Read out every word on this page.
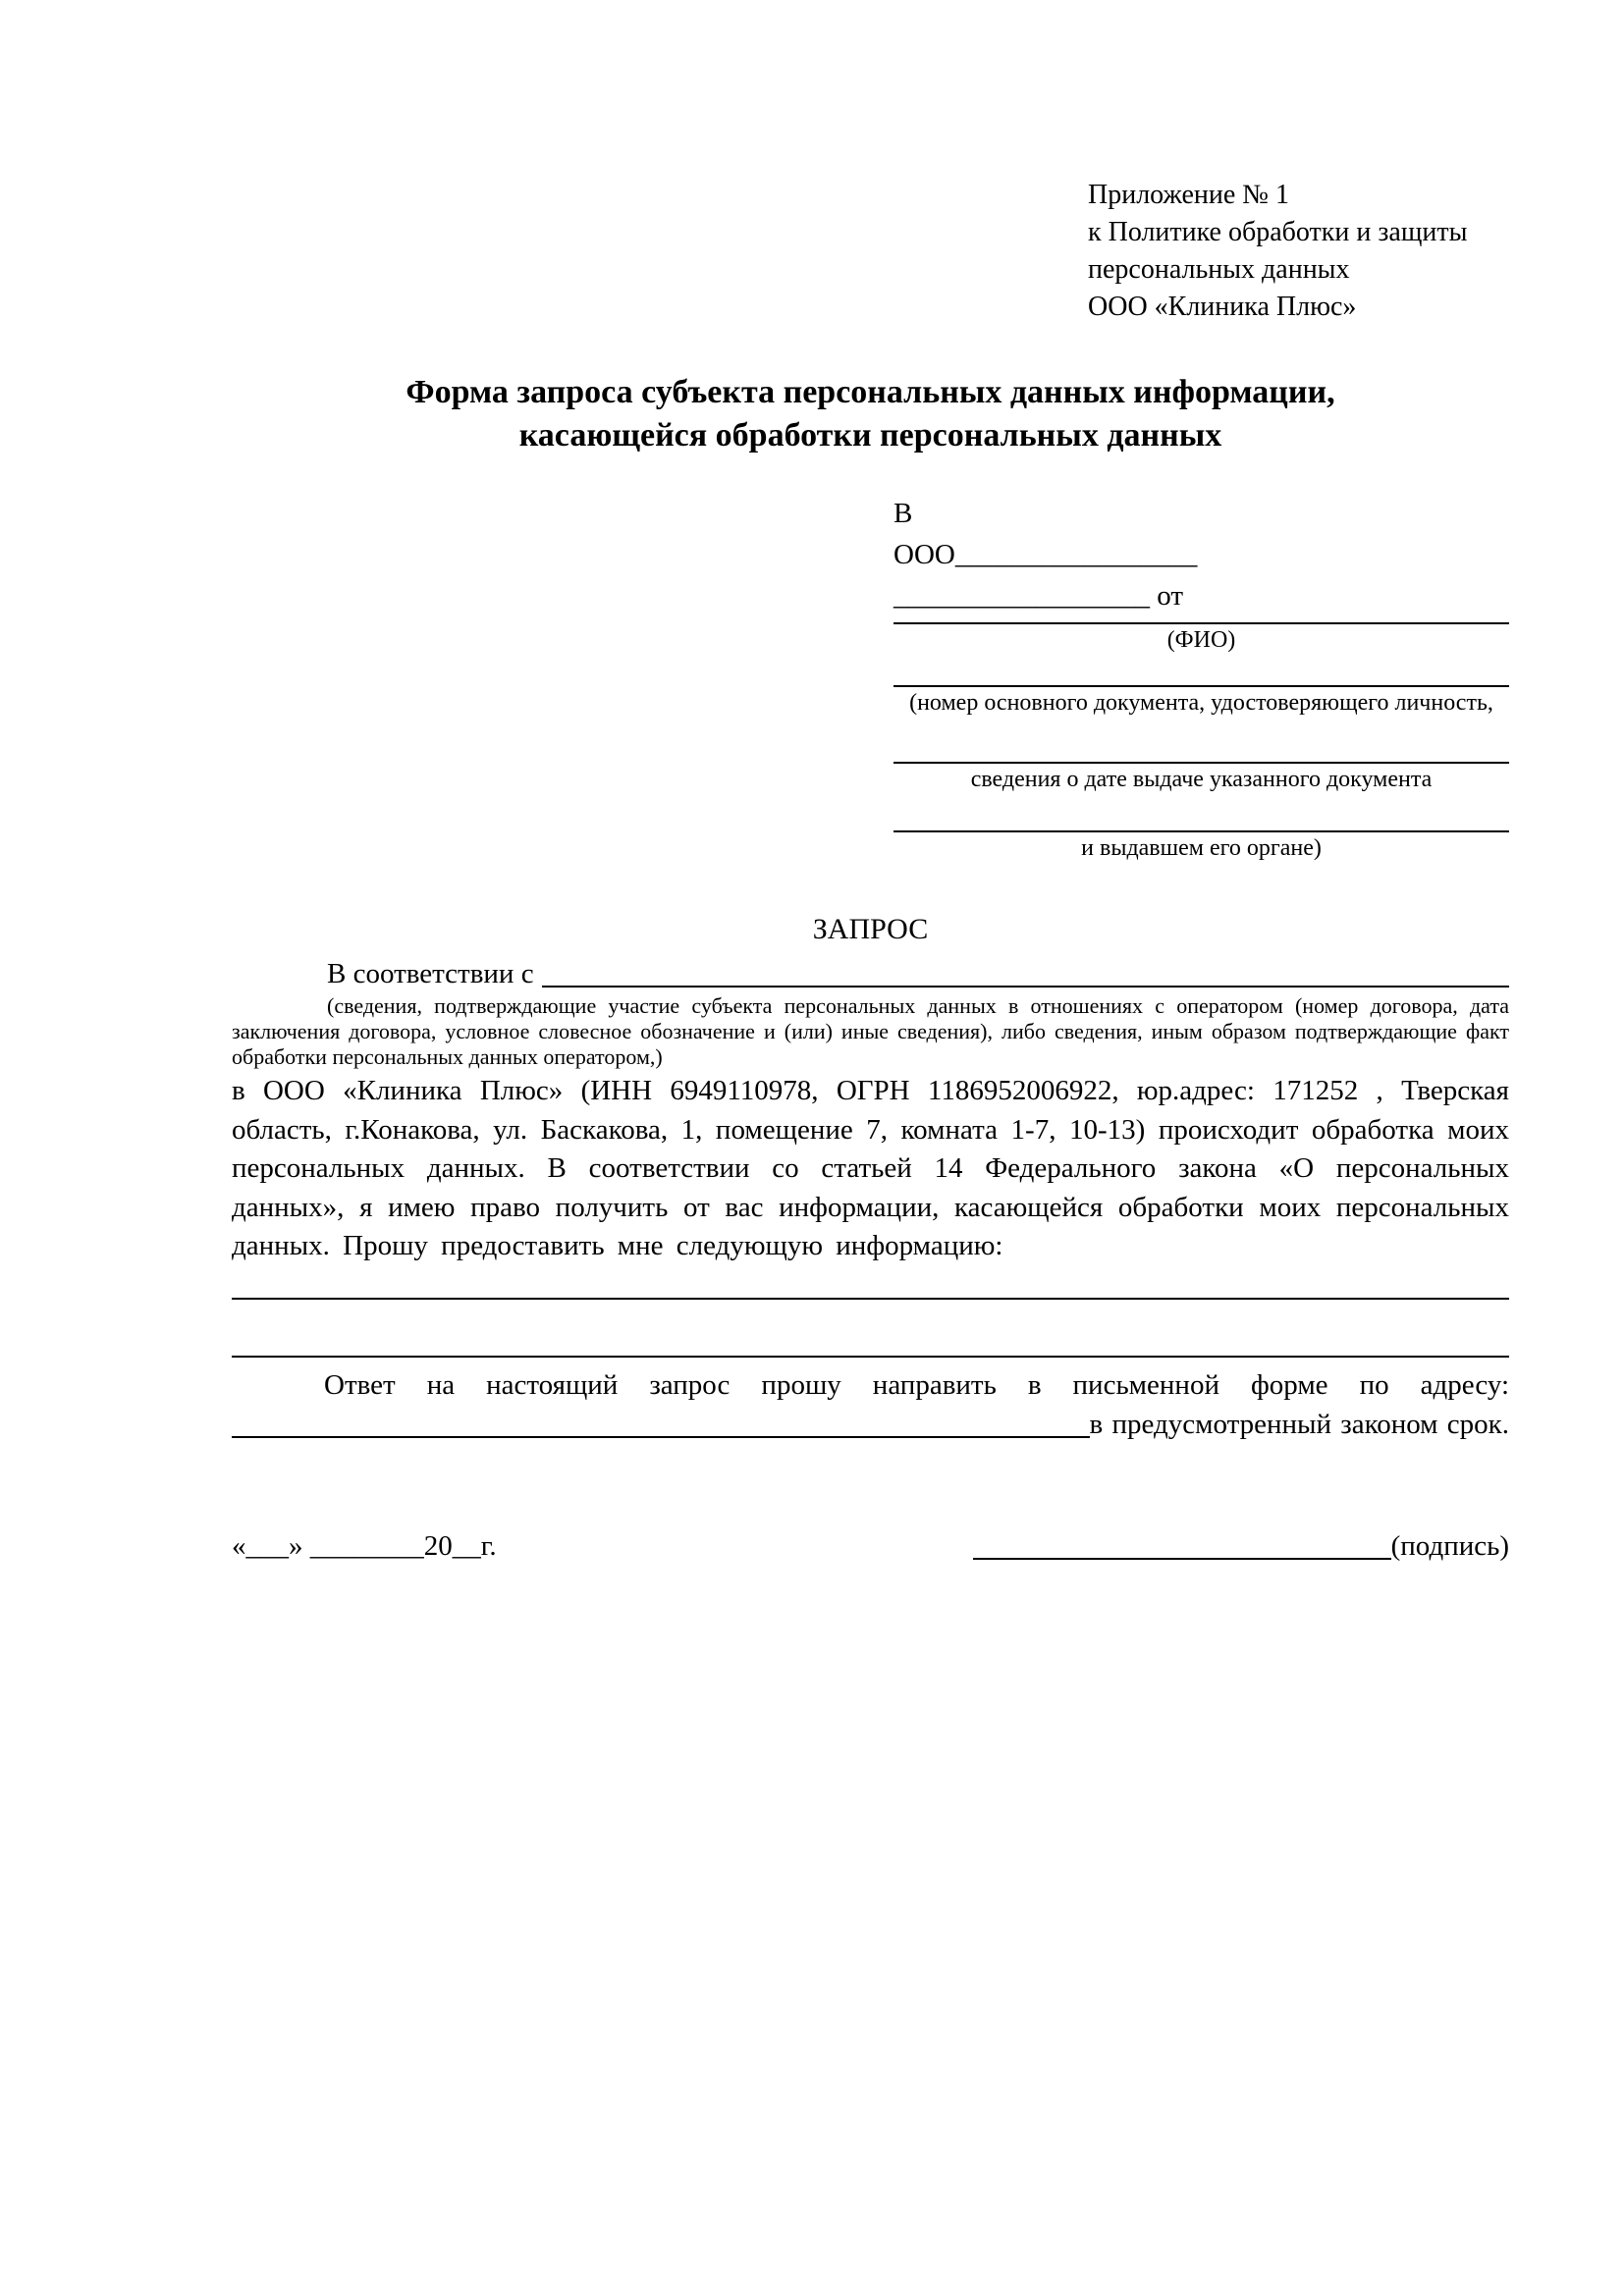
Приложение № 1
к Политике обработки и защиты
персональных данных
ООО «Клиника Плюс»
Форма запроса субъекта персональных данных информации,
касающейся обработки персональных данных
В
ООО_________________
__________________ от
(ФИО)
(номер основного документа, удостоверяющего личность,
сведения о дате выдаче указанного документа
и выдавшем его органе)
ЗАПРОС
В соответствии с
(сведения, подтверждающие участие субъекта персональных данных в отношениях с оператором (номер договора, дата заключения договора, условное словесное обозначение и (или) иные сведения), либо сведения, иным образом подтверждающие факт обработки персональных данных оператором,)
в ООО «Клиника Плюс» (ИНН 6949110978, ОГРН 1186952006922, юр.адрес: 171252 , Тверская область, г.Конакова, ул. Баскакова, 1, помещение 7, комната 1-7, 10-13) происходит обработка моих персональных данных. В соответствии со статьей 14 Федерального закона «О персональных данных», я имею право получить от вас информации, касающейся обработки моих персональных данных. Прошу предоставить мне следующую информацию:
Ответ на настоящий запрос прошу направить в письменной форме по адресу:
в предусмотренный законом срок.
«___» ________20__г.	(подпись)
